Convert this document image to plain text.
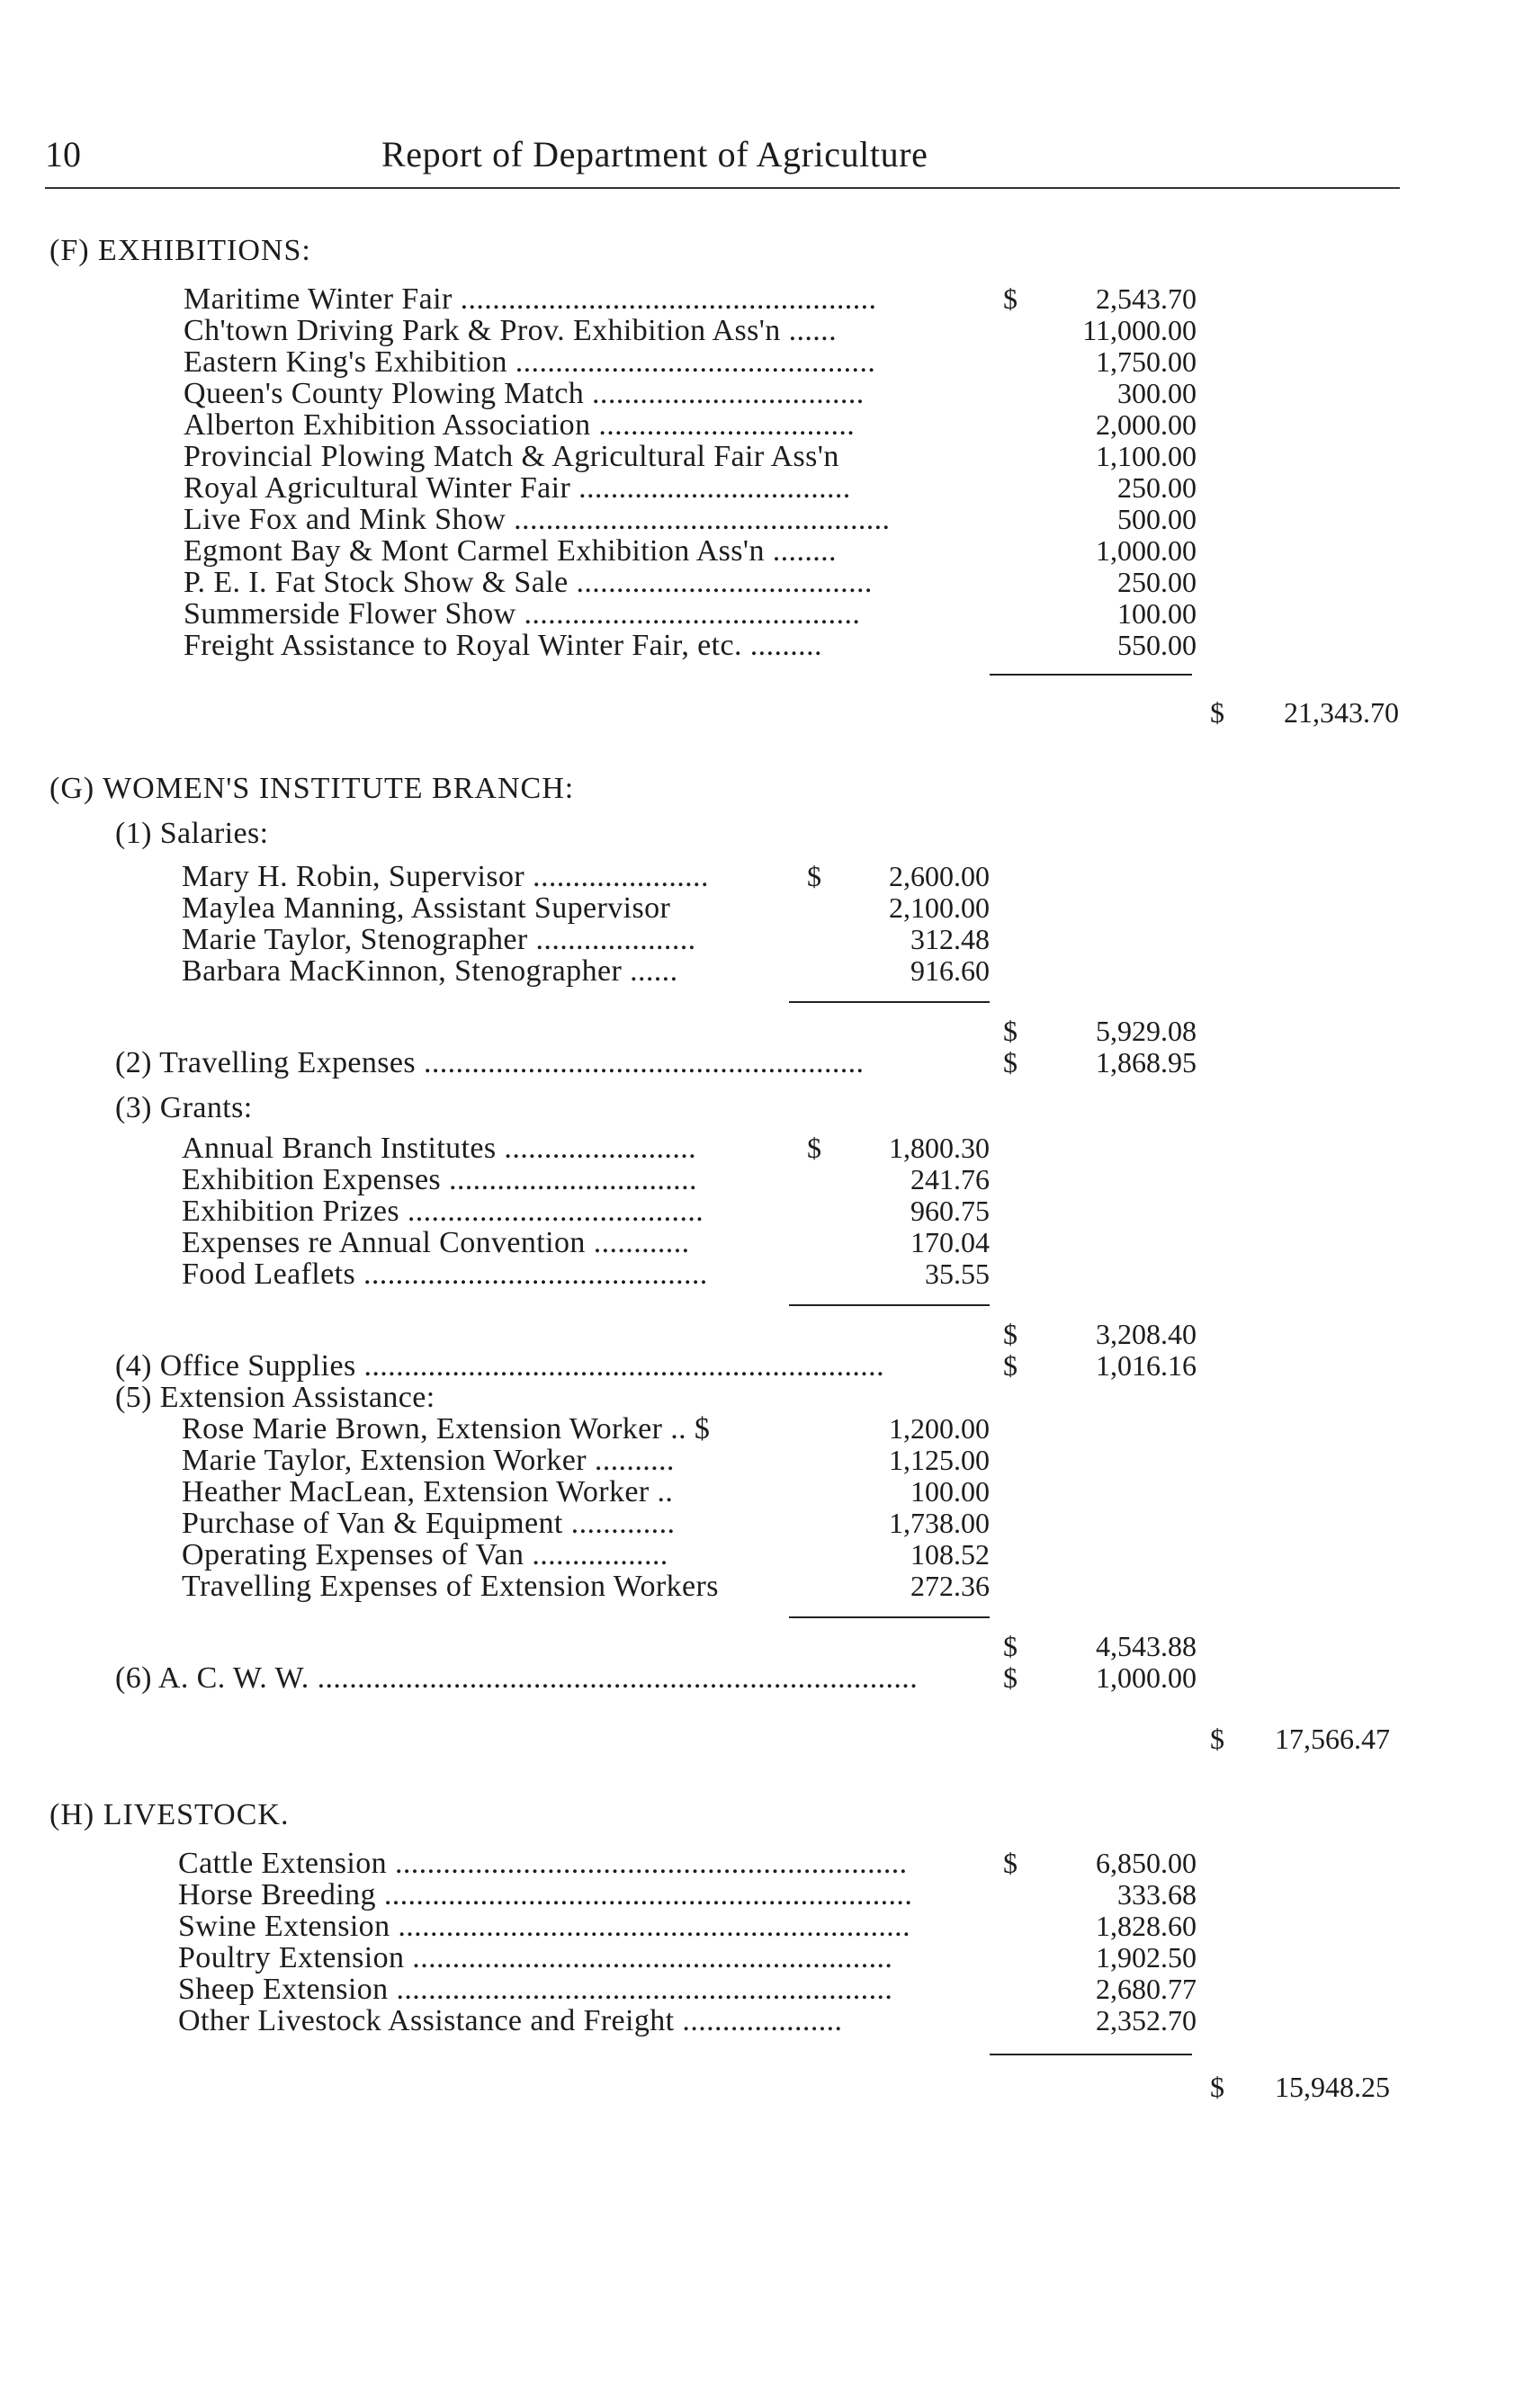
10	Report of Department of Agriculture
(F) EXHIBITIONS:
Maritime Winter Fair ....................................................	$	2,543.70
Ch'town Driving Park & Prov. Exhibition Ass'n ......	11,000.00
Eastern King's Exhibition .............................................	1,750.00
Queen's County Plowing Match ..................................	300.00
Alberton Exhibition Association ................................	2,000.00
Provincial Plowing Match & Agricultural Fair Ass'n	1,100.00
Royal Agricultural Winter Fair ..................................	250.00
Live Fox and Mink Show ...............................................	500.00
Egmont Bay & Mont Carmel Exhibition Ass'n ........	1,000.00
P. E. I. Fat Stock Show & Sale .....................................	250.00
Summerside Flower Show ..........................................	100.00
Freight Assistance to Royal Winter Fair, etc. .........	550.00
$	21,343.70
(G) WOMEN'S INSTITUTE BRANCH:
(1) Salaries:
Mary H. Robin, Supervisor ......................	$	2,600.00
Maylea Manning, Assistant Supervisor	2,100.00
Marie Taylor, Stenographer ....................	312.48
Barbara MacKinnon, Stenographer ......	916.60
$	5,929.08
(2) Travelling Expenses .......................................................	$	1,868.95
(3) Grants:
Annual Branch Institutes ........................	$	1,800.30
Exhibition Expenses ...............................	241.76
Exhibition Prizes .....................................	960.75
Expenses re Annual Convention ............	170.04
Food Leaflets ...........................................	35.55
$	3,208.40
(4) Office Supplies .................................................................	$	1,016.16
(5) Extension Assistance:
Rose Marie Brown, Extension Worker .. $	1,200.00
Marie Taylor, Extension Worker ..........	1,125.00
Heather MacLean, Extension Worker ..	100.00
Purchase of Van & Equipment .............	1,738.00
Operating Expenses of Van .................	108.52
Travelling Expenses of Extension Workers	272.36
$	4,543.88
(6) A. C. W. W. ...........................................................................	$	1,000.00
$	17,566.47
(H) LIVESTOCK.
Cattle Extension ................................................................	$	6,850.00
Horse Breeding ..................................................................	333.68
Swine Extension ................................................................	1,828.60
Poultry Extension ............................................................	1,902.50
Sheep Extension ..............................................................	2,680.77
Other Livestock Assistance and Freight ....................	2,352.70
$	15,948.25
